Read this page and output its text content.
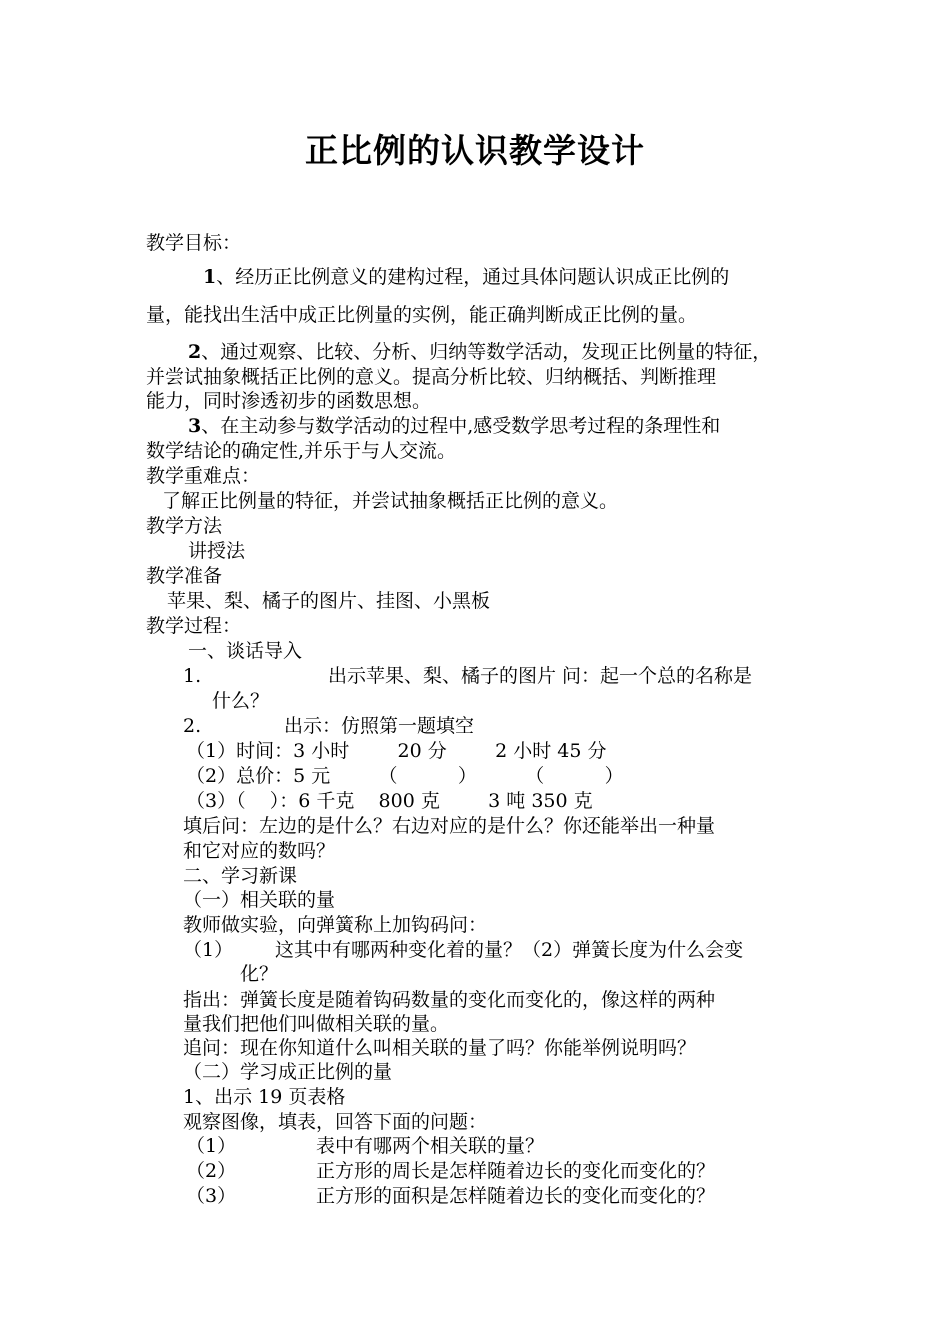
正比例的认识教学设计
教学目标：
1、经历正比例意义的建构过程，通过具体问题认识成正比例的
量，能找出生活中成正比例量的实例，能正确判断成正比例的量。
2、通过观察、比较、分析、归纳等数学活动，发现正比例量的特征，
并尝试抽象概括正比例的意义。提高分析比较、归纳概括、判断推理
能力，同时渗透初步的函数思想。
3、在主动参与数学活动的过程中,感受数学思考过程的条理性和
数学结论的确定性,并乐于与人交流。
教学重难点：
了解正比例量的特征，并尝试抽象概括正比例的意义。
教学方法
讲授法
教学准备
苹果、梨、橘子的图片、挂图、小黑板
教学过程：
一、谈话导入
1.	出示苹果、梨、橘子的图片 问：起一个总的名称是
什么？
2.	出示：仿照第一题填空
（1）时间：3 小时        20 分        2 小时 45 分
（2）总价：5 元        （          ）        （          ）
（3）（    ）：6 千克    800 克        3 吨 350 克
填后问：左边的是什么？右边对应的是什么？你还能举出一种量
和它对应的数吗？
二、学习新课
（一）相关联的量
教师做实验，向弹簧称上加钩码问：
（1） 这其中有哪两种变化着的量？（2）弹簧长度为什么会变
化？
指出：弹簧长度是随着钩码数量的变化而变化的，像这样的两种
量我们把他们叫做相关联的量。
追问：现在你知道什么叫相关联的量了吗？你能举例说明吗？
（二）学习成正比例的量
1、出示 19 页表格
观察图像，填表，回答下面的问题：
（1）	表中有哪两个相关联的量？
（2）	正方形的周长是怎样随着边长的变化而变化的？
（3）	正方形的面积是怎样随着边长的变化而变化的？
